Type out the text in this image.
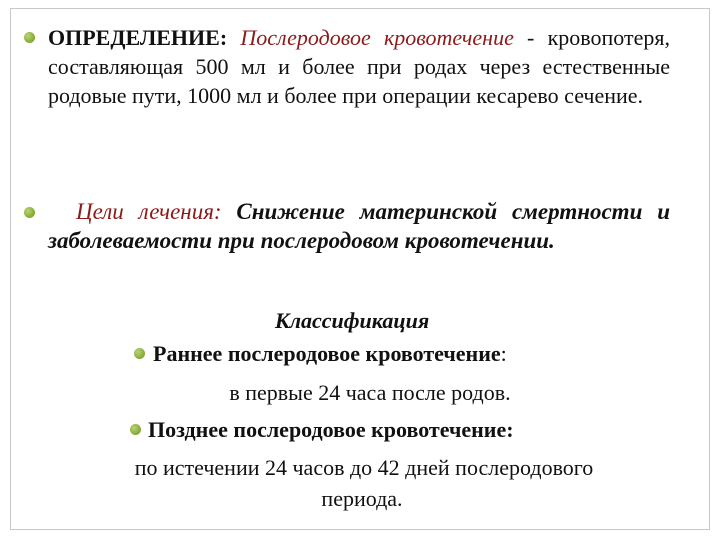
ОПРЕДЕЛЕНИЕ: Послеродовое кровотечение - кровопотеря, составляющая 500 мл и более при родах через естественные родовые пути, 1000 мл и более при операции кесарево сечение.
Цели лечения: Снижение материнской смертности и заболеваемости при послеродовом кровотечении.
Классификация
Раннее послеродовое кровотечение:
в первые 24 часа после родов.
Позднее послеродовое кровотечение:
по истечении 24 часов до 42 дней послеродового
периода.
